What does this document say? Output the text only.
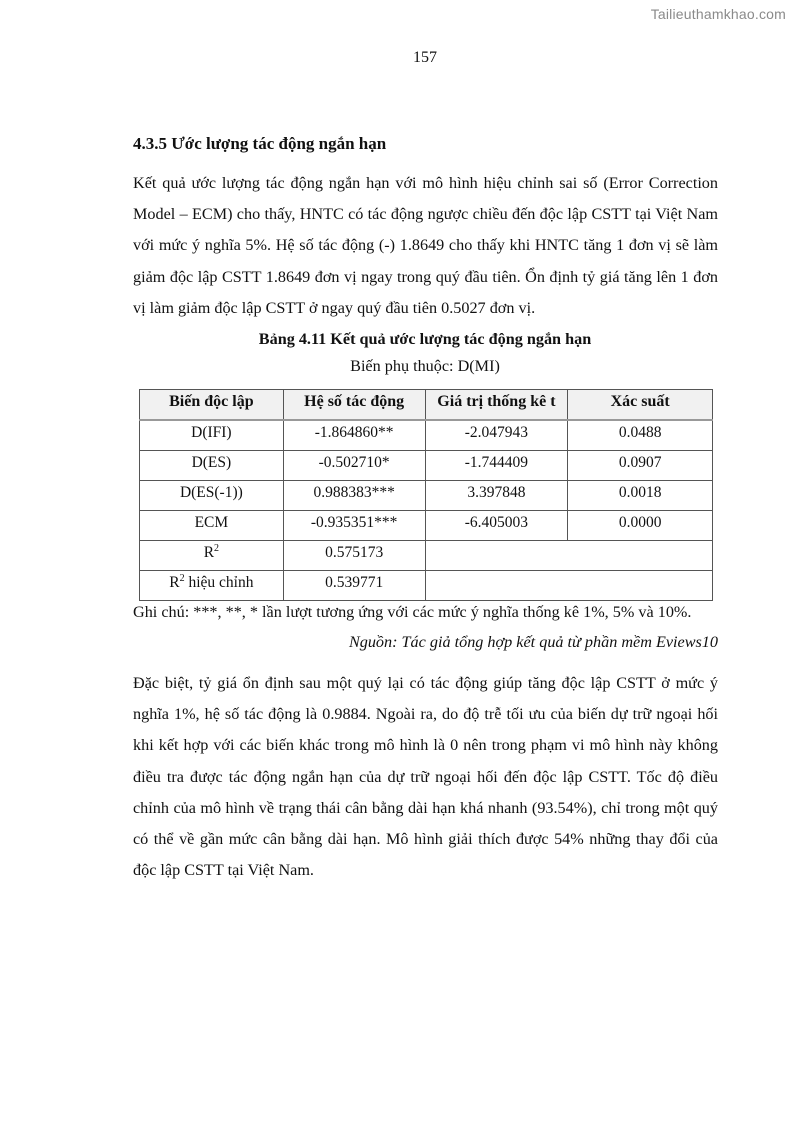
Tailieuthamkhao.com
157
4.3.5 Ước lượng tác động ngắn hạn
Kết quả ước lượng tác động ngắn hạn với mô hình hiệu chỉnh sai số (Error Correction Model – ECM) cho thấy, HNTC có tác động ngược chiều đến độc lập CSTT tại Việt Nam với mức ý nghĩa 5%. Hệ số tác động (-) 1.8649 cho thấy khi HNTC tăng 1 đơn vị sẽ làm giảm độc lập CSTT 1.8649 đơn vị ngay trong quý đầu tiên. Ổn định tỷ giá tăng lên 1 đơn vị làm giảm độc lập CSTT ở ngay quý đầu tiên 0.5027 đơn vị.
Bảng 4.11 Kết quả ước lượng tác động ngắn hạn
Biến phụ thuộc: D(MI)
Biến độc lập	Hệ số tác động	Giá trị thống kê t	Xác suất
D(IFI)	-1.864860**	-2.047943	0.0488
D(ES)	-0.502710*	-1.744409	0.0907
D(ES(-1))	0.988383***	3.397848	0.0018
ECM	-0.935351***	-6.405003	0.0000
$R^2$	0.575173		
$R^2$ hiệu chỉnh	0.539771		
Ghi chú: ***, **, * lần lượt tương ứng với các mức ý nghĩa thống kê 1%, 5% và 10%.
Nguồn: Tác giả tổng hợp kết quả từ phần mềm Eviews10
Đặc biệt, tỷ giá ổn định sau một quý lại có tác động giúp tăng độc lập CSTT ở mức ý nghĩa 1%, hệ số tác động là 0.9884. Ngoài ra, do độ trễ tối ưu của biến dự trữ ngoại hối khi kết hợp với các biến khác trong mô hình là 0 nên trong phạm vi mô hình này không điều tra được tác động ngắn hạn của dự trữ ngoại hối đến độc lập CSTT. Tốc độ điều chỉnh của mô hình về trạng thái cân bằng dài hạn khá nhanh (93.54%), chỉ trong một quý có thể về gần mức cân bằng dài hạn. Mô hình giải thích được 54% những thay đổi của độc lập CSTT tại Việt Nam.
